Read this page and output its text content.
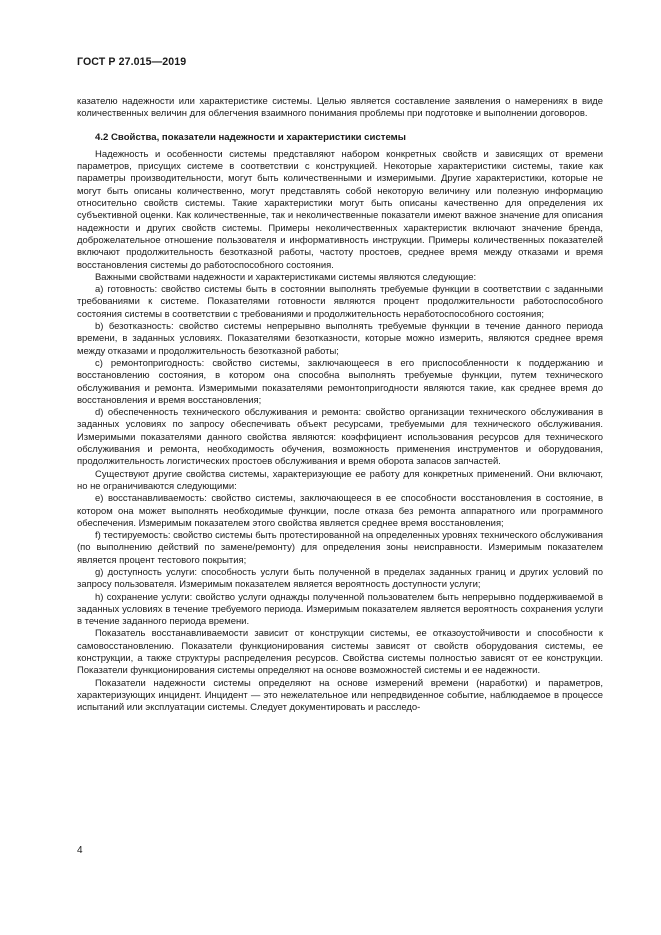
ГОСТ Р 27.015—2019

казателю надежности или характеристике системы. Целью является составление заявления о намерениях в виде количественных величин для облегчения взаимного понимания проблемы при подготовке и выполнении договоров.

4.2 Свойства, показатели надежности и характеристики системы

Надежность и особенности системы представляют набором конкретных свойств и зависящих от времени параметров, присущих системе в соответствии с конструкцией. Некоторые характеристики системы, такие как параметры производительности, могут быть количественными и измеримыми. Другие характеристики, которые не могут быть описаны количественно, могут представлять собой некоторую величину или полезную информацию относительно свойств системы. Такие характеристики могут быть описаны качественно для определения их субъективной оценки. Как количественные, так и неколичественные показатели имеют важное значение для описания надежности и других свойств системы. Примеры неколичественных характеристик включают значение бренда, доброжелательное отношение пользователя и информативность инструкции. Примеры количественных показателей включают продолжительность безотказной работы, частоту простоев, среднее время между отказами и время восстановления системы до работоспособного состояния.

Важными свойствами надежности и характеристиками системы являются следующие:

a) готовность: свойство системы быть в состоянии выполнять требуемые функции в соответствии с заданными требованиями к системе. Показателями готовности являются процент продолжительности работоспособного состояния системы в соответствии с требованиями и продолжительность неработоспособного состояния;

b) безотказность: свойство системы непрерывно выполнять требуемые функции в течение данного периода времени, в заданных условиях. Показателями безотказности, которые можно измерить, являются среднее время между отказами и продолжительность безотказной работы;

c) ремонтопригодность: свойство системы, заключающееся в его приспособленности к поддержанию и восстановлению состояния, в котором она способна выполнять требуемые функции, путем технического обслуживания и ремонта. Измеримыми показателями ремонтопригодности являются такие, как среднее время до восстановления и время восстановления;

d) обеспеченность технического обслуживания и ремонта: свойство организации технического обслуживания в заданных условиях по запросу обеспечивать объект ресурсами, требуемыми для технического обслуживания. Измеримыми показателями данного свойства являются: коэффициент использования ресурсов для технического обслуживания и ремонта, необходимость обучения, возможность применения инструментов и оборудования, продолжительность логистических простоев обслуживания и время оборота запасов запчастей.

Существуют другие свойства системы, характеризующие ее работу для конкретных применений. Они включают, но не ограничиваются следующими:

e) восстанавливаемость: свойство системы, заключающееся в ее способности восстановления в состояние, в котором она может выполнять необходимые функции, после отказа без ремонта аппаратного или программного обеспечения. Измеримым показателем этого свойства является среднее время восстановления;

f) тестируемость: свойство системы быть протестированной на определенных уровнях технического обслуживания (по выполнению действий по замене/ремонту) для определения зоны неисправности. Измеримым показателем является процент тестового покрытия;

g) доступность услуги: способность услуги быть полученной в пределах заданных границ и других условий по запросу пользователя. Измеримым показателем является вероятность доступности услуги;

h) сохранение услуги: свойство услуги однажды полученной пользователем быть непрерывно поддерживаемой в заданных условиях в течение требуемого периода. Измеримым показателем является вероятность сохранения услуги в течение заданного периода времени.

Показатель восстанавливаемости зависит от конструкции системы, ее отказоустойчивости и способности к самовосстановлению. Показатели функционирования системы зависят от свойств оборудования системы, ее конструкции, а также структуры распределения ресурсов. Свойства системы полностью зависят от ее конструкции. Показатели функционирования системы определяют на основе возможностей системы и ее надежности.

Показатели надежности системы определяют на основе измерений времени (наработки) и параметров, характеризующих инцидент. Инцидент — это нежелательное или непредвиденное событие, наблюдаемое в процессе испытаний или эксплуатации системы. Следует документировать и расследо-

4
